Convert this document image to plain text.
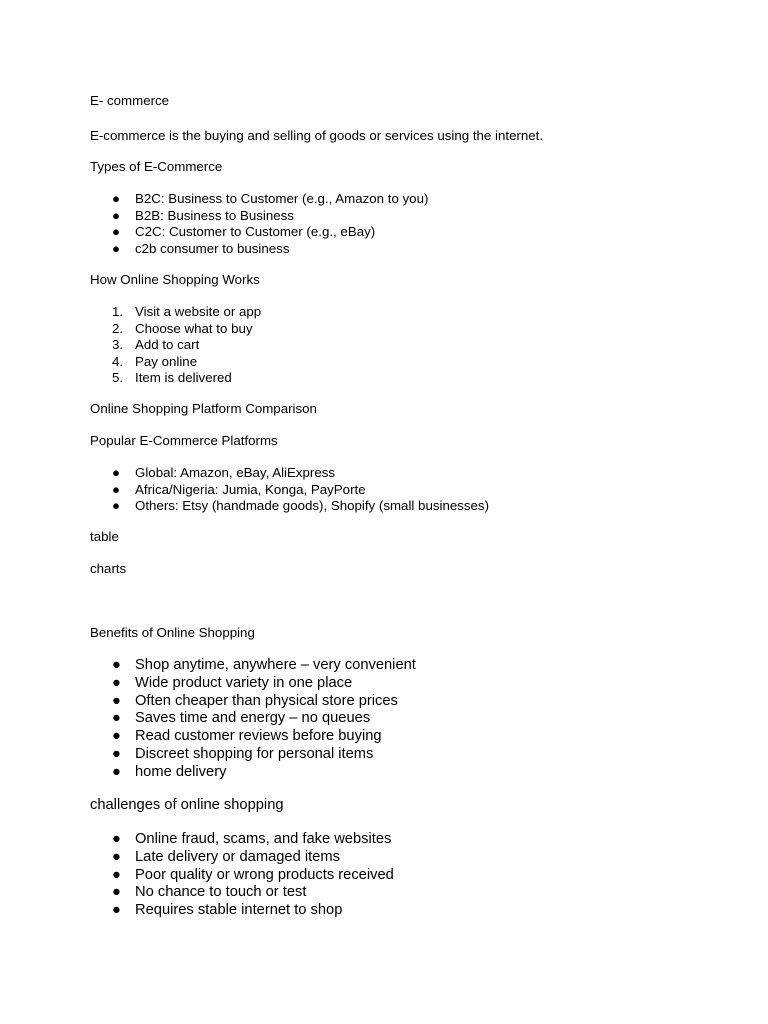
E- commerce

E-commerce is the buying and selling of goods or services using the internet.

Types of E-Commerce

● B2C: Business to Customer (e.g., Amazon to you)
● B2B: Business to Business
● C2C: Customer to Customer (e.g., eBay)
● c2b consumer to business

How Online Shopping Works

1. Visit a website or app
2. Choose what to buy
3. Add to cart
4. Pay online
5. Item is delivered

Online Shopping Platform Comparison

Popular E-Commerce Platforms

● Global: Amazon, eBay, AliExpress
● Africa/Nigeria: Jumia, Konga, PayPorte
● Others: Etsy (handmade goods), Shopify (small businesses)

table

charts

Benefits of Online Shopping

● Shop anytime, anywhere – very convenient
● Wide product variety in one place
● Often cheaper than physical store prices
● Saves time and energy – no queues
● Read customer reviews before buying
● Discreet shopping for personal items
● home delivery

challenges of online shopping

● Online fraud, scams, and fake websites
● Late delivery or damaged items
● Poor quality or wrong products received
● No chance to touch or test
● Requires stable internet to shop
